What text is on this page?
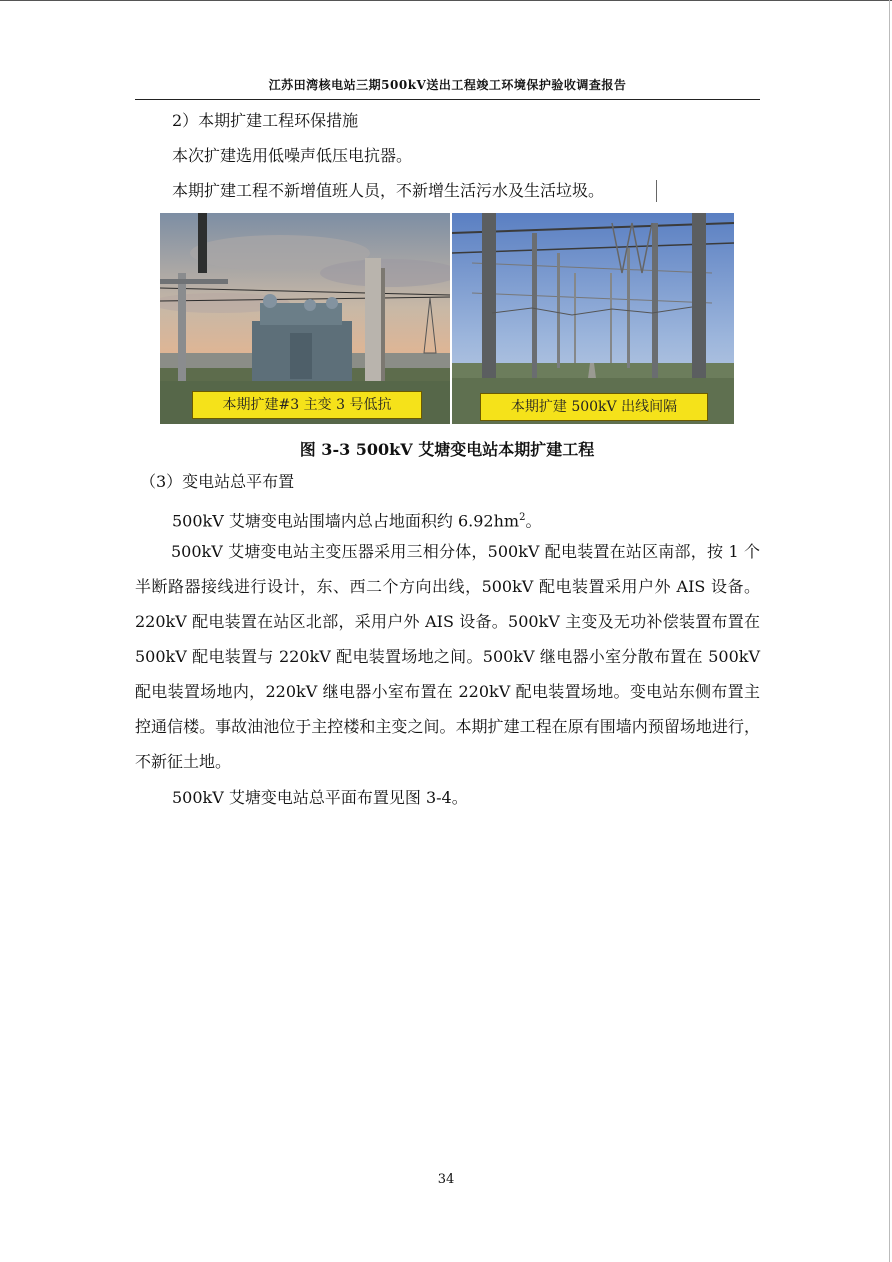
江苏田湾核电站三期500kV送出工程竣工环境保护验收调查报告
2）本期扩建工程环保措施
本次扩建选用低噪声低压电抗器。
本期扩建工程不新增值班人员，不新增生活污水及生活垃圾。
本期扩建#3 主变 3 号低抗	本期扩建 500kV 出线间隔
图 3-3 500kV 艾塘变电站本期扩建工程
（3）变电站总平布置
500kV 艾塘变电站围墙内总占地面积约 $6.92hm^2$。
500kV 艾塘变电站主变压器采用三相分体，500kV 配电装置在站区南部，按 1 个半断路器接线进行设计，东、西二个方向出线，500kV 配电装置采用户外 AIS 设备。220kV 配电装置在站区北部，采用户外 AIS 设备。500kV 主变及无功补偿装置布置在 500kV 配电装置与 220kV 配电装置场地之间。500kV 继电器小室分散布置在 500kV 配电装置场地内，220kV 继电器小室布置在 220kV 配电装置场地。变电站东侧布置主控通信楼。事故油池位于主控楼和主变之间。本期扩建工程在原有围墙内预留场地进行，不新征土地。
500kV 艾塘变电站总平面布置见图 3-4。
34
